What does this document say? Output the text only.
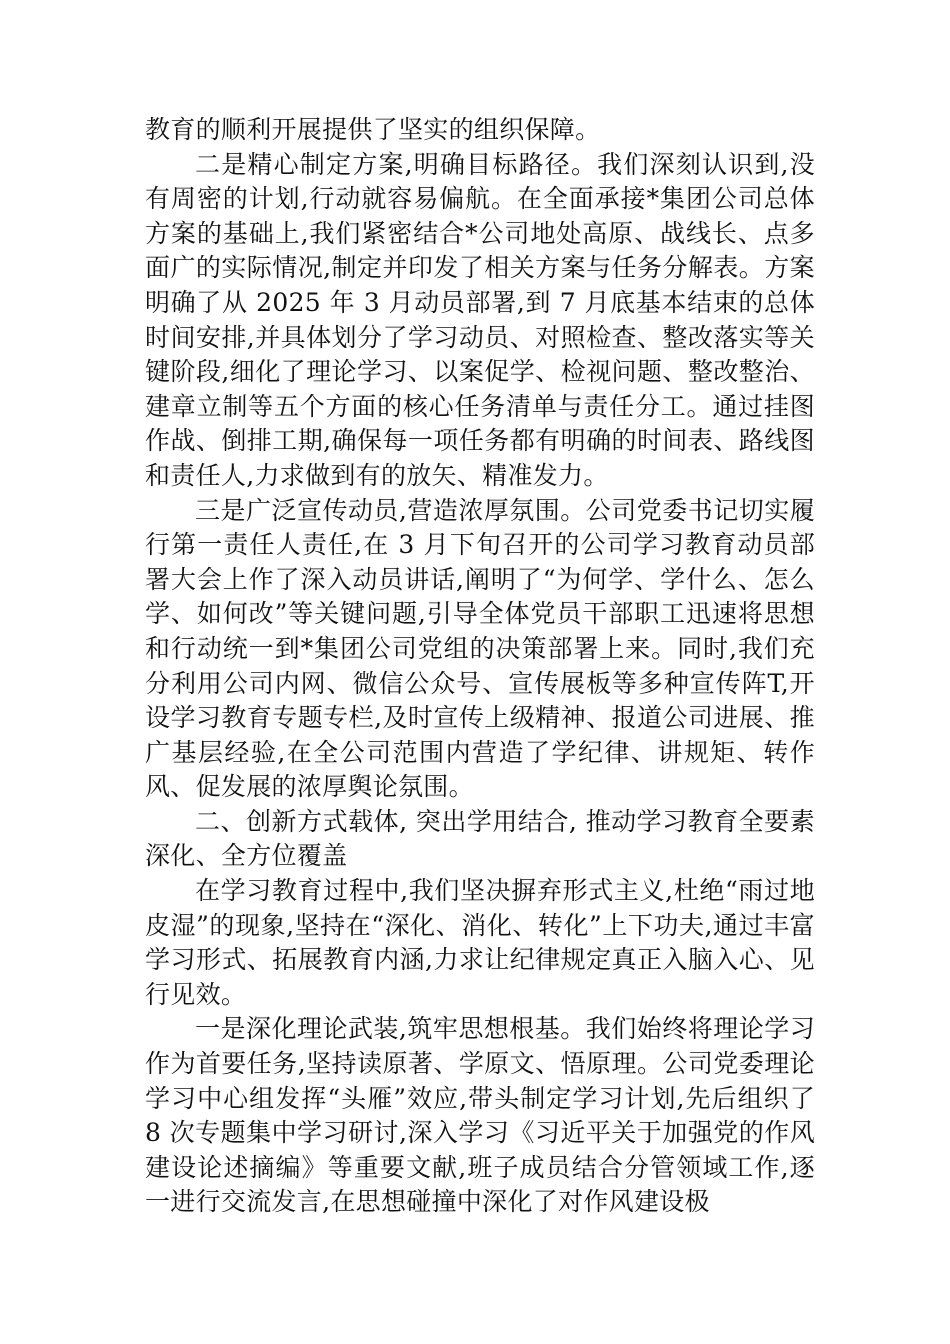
教育的顺利开展提供了坚实的组织保障。

二是精心制定方案,明确目标路径。我们深刻认识到,没有周密的计划,行动就容易偏航。在全面承接*集团公司总体方案的基础上,我们紧密结合*公司地处高原、战线长、点多面广的实际情况,制定并印发了相关方案与任务分解表。方案明确了从 2025 年 3 月动员部署,到 7 月底基本结束的总体时间安排,并具体划分了学习动员、对照检查、整改落实等关键阶段,细化了理论学习、以案促学、检视问题、整改整治、建章立制等五个方面的核心任务清单与责任分工。通过挂图作战、倒排工期,确保每一项任务都有明确的时间表、路线图和责任人,力求做到有的放矢、精准发力。

三是广泛宣传动员,营造浓厚氛围。公司党委书记切实履行第一责任人责任,在 3 月下旬召开的公司学习教育动员部署大会上作了深入动员讲话,阐明了“为何学、学什么、怎么学、如何改”等关键问题,引导全体党员干部职工迅速将思想和行动统一到*集团公司党组的决策部署上来。同时,我们充分利用公司内网、微信公众号、宣传展板等多种宣传阵T,开设学习教育专题专栏,及时宣传上级精神、报道公司进展、推广基层经验,在全公司范围内营造了学纪律、讲规矩、转作风、促发展的浓厚舆论氛围。

二、创新方式载体, 突出学用结合, 推动学习教育全要素深化、全方位覆盖

在学习教育过程中,我们坚决摒弃形式主义,杜绝“雨过地皮湿”的现象,坚持在“深化、消化、转化”上下功夫,通过丰富学习形式、拓展教育内涵,力求让纪律规定真正入脑入心、见行见效。

一是深化理论武装,筑牢思想根基。我们始终将理论学习作为首要任务,坚持读原著、学原文、悟原理。公司党委理论学习中心组发挥“头雁”效应,带头制定学习计划,先后组织了 8 次专题集中学习研讨,深入学习《习近平关于加强党的作风建设论述摘编》等重要文献,班子成员结合分管领域工作,逐一进行交流发言,在思想碰撞中深化了对作风建设极
